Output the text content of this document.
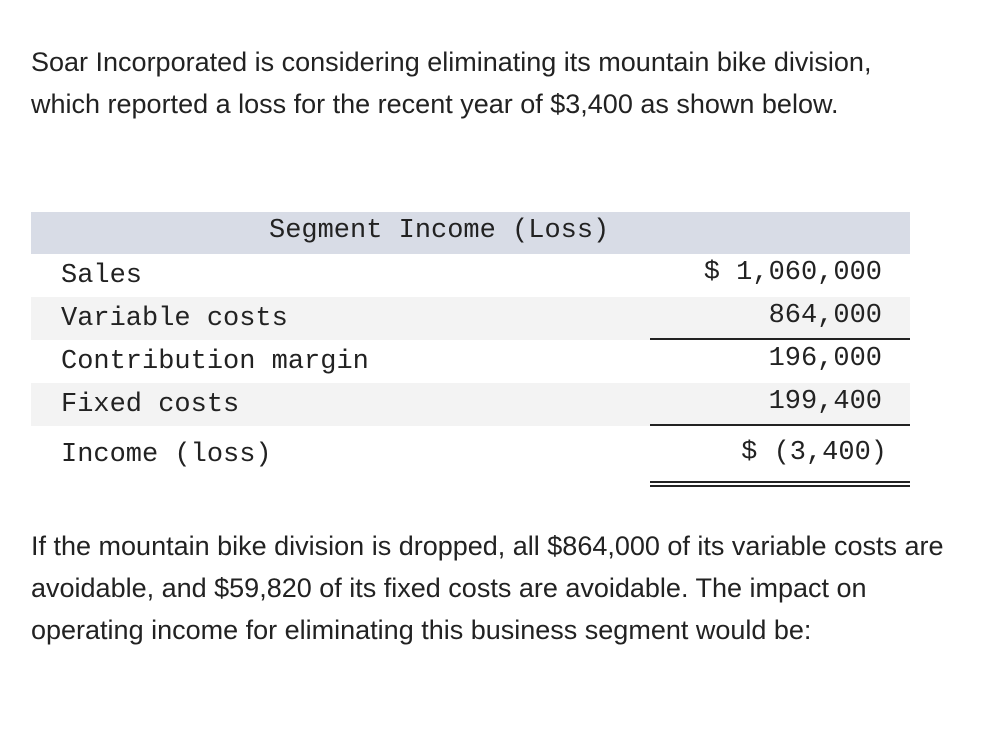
Soar Incorporated is considering eliminating its mountain bike division, which reported a loss for the recent year of $3,400 as shown below.

Segment Income (Loss)
Sales	$ 1,060,000
Variable costs	864,000
Contribution margin	196,000
Fixed costs	199,400
Income (loss)	$ (3,400)

If the mountain bike division is dropped, all $864,000 of its variable costs are avoidable, and $59,820 of its fixed costs are avoidable. The impact on operating income for eliminating this business segment would be:
